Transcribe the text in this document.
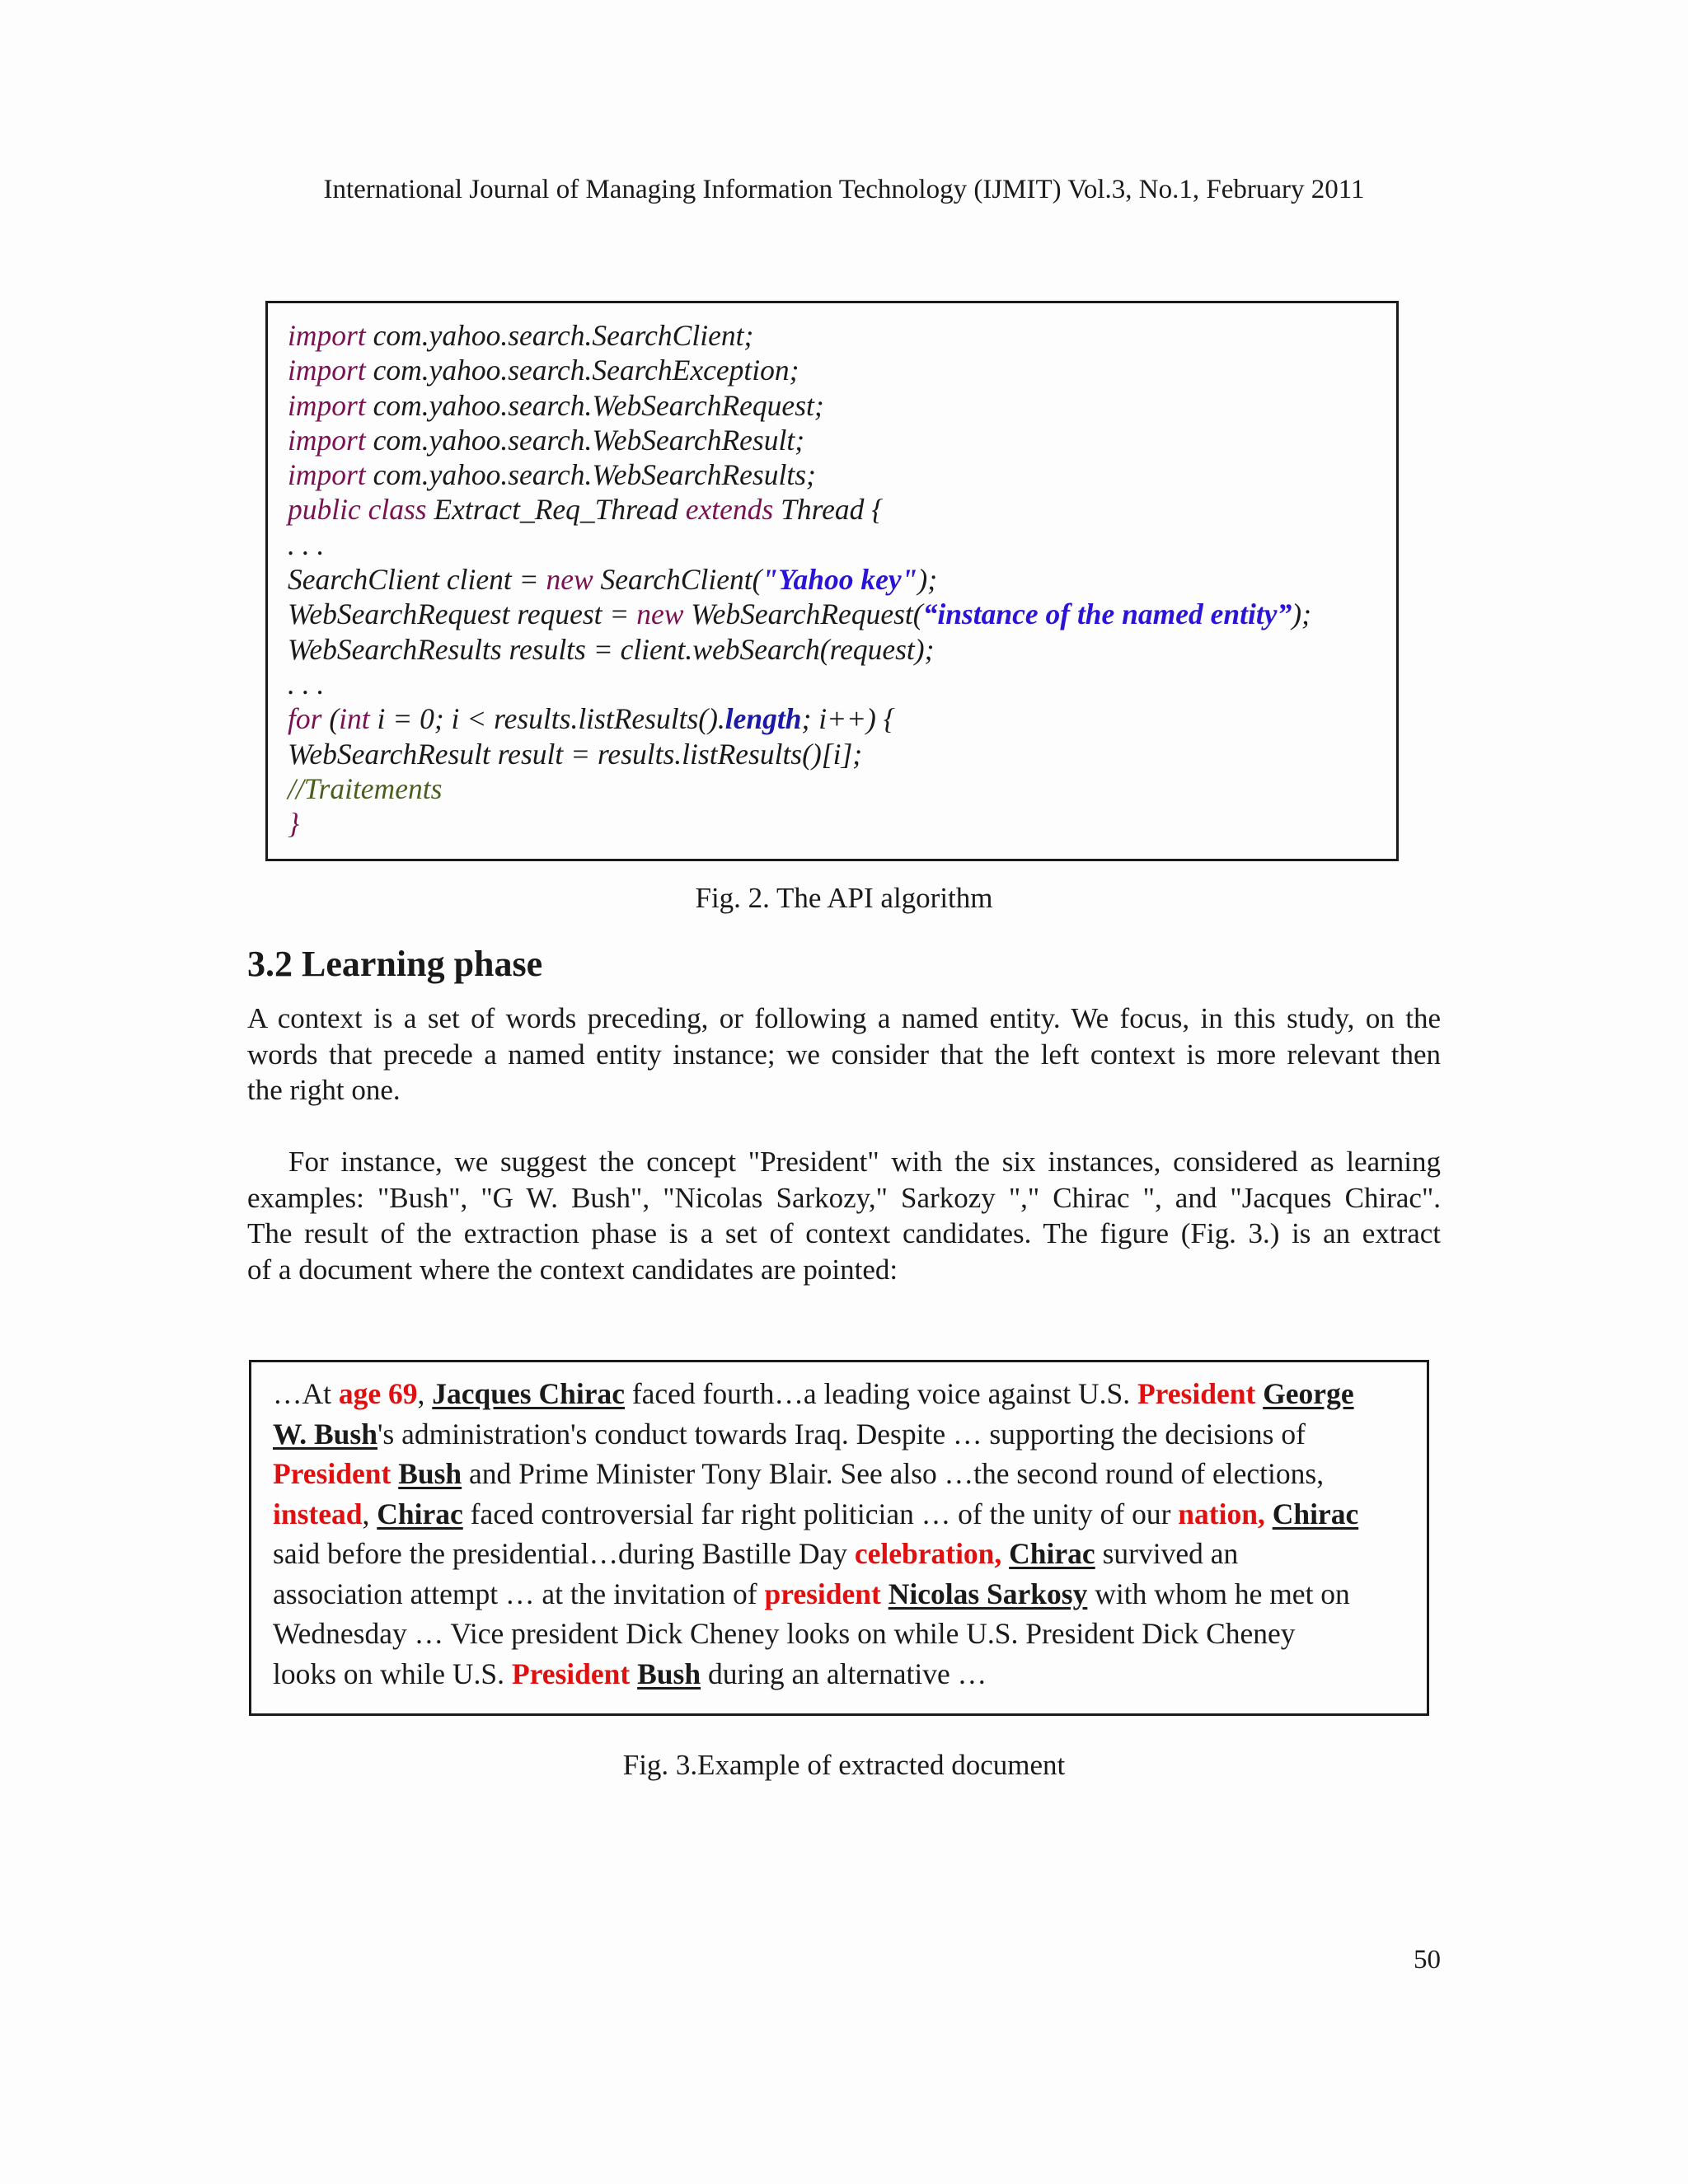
International Journal of Managing Information Technology (IJMIT) Vol.3, No.1, February 2011
import com.yahoo.search.SearchClient;
import com.yahoo.search.SearchException;
import com.yahoo.search.WebSearchRequest;
import com.yahoo.search.WebSearchResult;
import com.yahoo.search.WebSearchResults;
public class Extract_Req_Thread extends Thread {
. . .
SearchClient client = new SearchClient("Yahoo key");
WebSearchRequest request = new WebSearchRequest(“instance of the named entity”);
WebSearchResults results = client.webSearch(request);
. . .
for (int i = 0; i < results.listResults().length; i++) {
WebSearchResult result = results.listResults()[i];
//Traitements
}
Fig. 2. The API algorithm
3.2 Learning phase
A context is a set of words preceding, or following a named entity. We focus, in this study, on the
words that precede a named entity instance; we consider that the left context is more relevant then
the right one.
For instance, we suggest the concept "President" with the six instances, considered as learning
examples: "Bush", "G W. Bush", "Nicolas Sarkozy," Sarkozy "," Chirac ", and "Jacques Chirac".
The result of the extraction phase is a set of context candidates. The figure (Fig. 3.) is an extract
of a document where the context candidates are pointed:
…At age 69, Jacques Chirac faced fourth…a leading voice against U.S. President George
W. Bush's administration's conduct towards Iraq. Despite … supporting the decisions of
President Bush and Prime Minister Tony Blair. See also …the second round of elections,
instead, Chirac faced controversial far right politician … of the unity of our nation, Chirac
said before the presidential…during Bastille Day celebration, Chirac survived an
association attempt … at the invitation of president Nicolas Sarkosy with whom he met on
Wednesday … Vice president Dick Cheney looks on while U.S. President Dick Cheney
looks on while U.S. President Bush during an alternative …
Fig. 3.Example of extracted document
50
